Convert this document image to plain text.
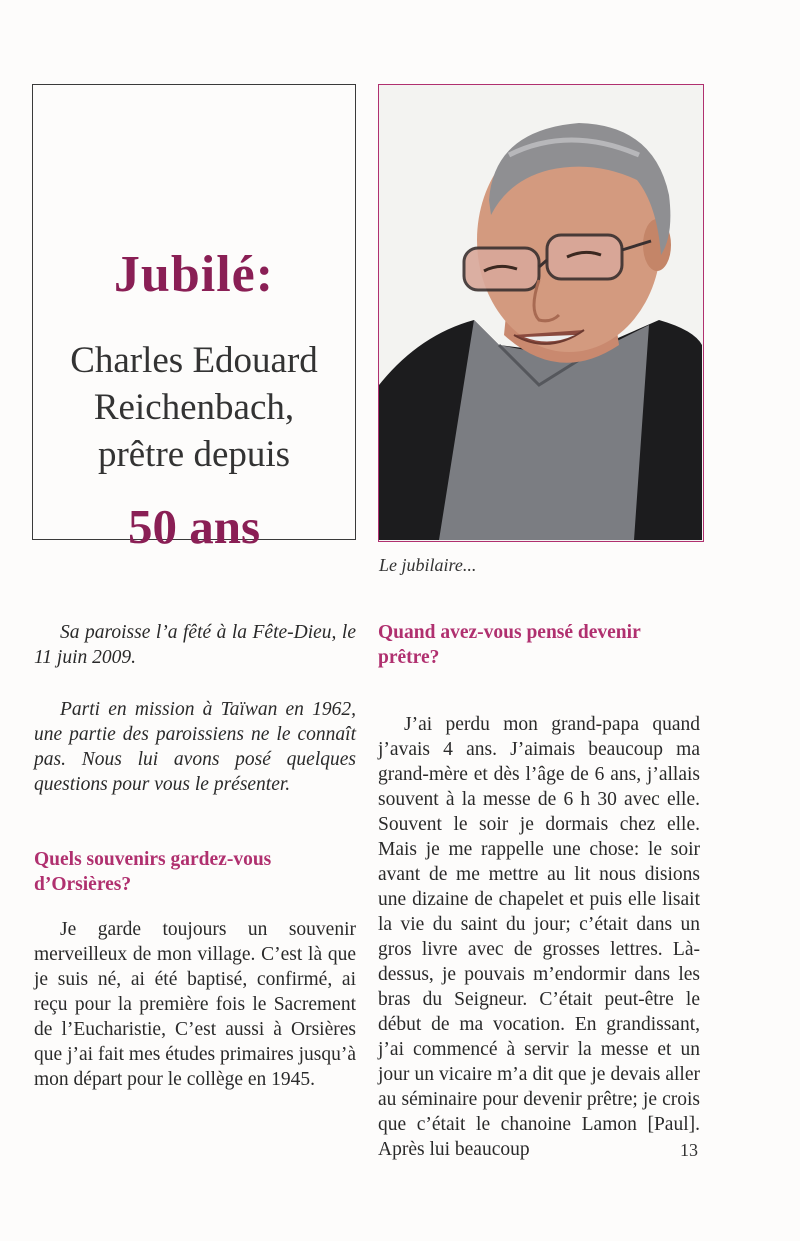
Jubilé:
Charles Edouard
Reichenbach,
prêtre depuis
50 ans
Le jubilaire...

Sa paroisse l’a fêté à la Fête-Dieu, le 11 juin 2009.

Parti en mission à Taïwan en 1962, une partie des paroissiens ne le connaît pas. Nous lui avons posé quelques questions pour vous le présenter.

Quels souvenirs gardez-vous d’Orsières?

Je garde toujours un souvenir merveilleux de mon village. C’est là que je suis né, ai été baptisé, confirmé, ai reçu pour la première fois le Sacrement de l’Eucharistie, C’est aussi à Orsières que j’ai fait mes études primaires jusqu’à mon départ pour le collège en 1945.

Quand avez-vous pensé devenir prêtre?

J’ai perdu mon grand-papa quand j’avais 4 ans. J’aimais beaucoup ma grand-mère et dès l’âge de 6 ans, j’allais souvent à la messe de 6 h 30 avec elle. Souvent le soir je dormais chez elle. Mais je me rappelle une chose: le soir avant de me mettre au lit nous disions une dizaine de chapelet et puis elle lisait la vie du saint du jour; c’était dans un gros livre avec de grosses lettres. Là-dessus, je pouvais m’endormir dans les bras du Seigneur. C’était peut-être le début de ma vocation. En grandissant, j’ai commencé à servir la messe et un jour un vicaire m’a dit que je devais aller au séminaire pour devenir prêtre; je crois que c’était le chanoine Lamon [Paul]. Après lui beaucoup	13
